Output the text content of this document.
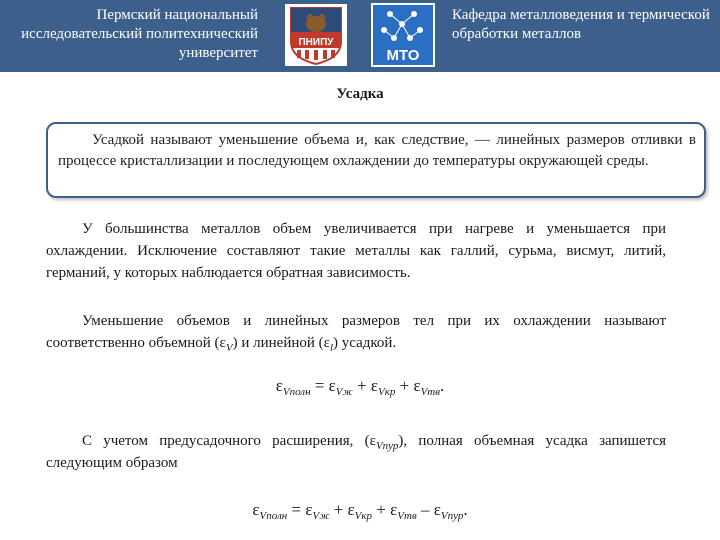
Пермский национальный исследовательский политехнический университет
ПНИПУ
МТО
Кафедра металловедения и термической обработки металлов
Усадка
Усадкой называют уменьшение объема и, как следствие, — линейных размеров отливки в процессе кристаллизации и последующем охлаждении до температуры окружающей среды.
У большинства металлов объем увеличивается при нагреве и уменьшается при охлаждении. Исключение составляют такие металлы как галлий, сурьма, висмут, литий, германий, у которых наблюдается обратная зависимость.
Уменьшение объемов и линейных размеров тел при их охлаждении называют соответственно объемной $(\varepsilon_V)$ и линейной $(\varepsilon_l)$ усадкой.
$\varepsilon_{Vполн} = \varepsilon_{Vж} + \varepsilon_{Vкр} + \varepsilon_{Vтв}$.
С учетом предусадочного расширения, $(\varepsilon_{Vпур})$, полная объемная усадка запишется следующим образом
$\varepsilon_{Vполн} = \varepsilon_{Vж} + \varepsilon_{Vкр} + \varepsilon_{Vтв} - \varepsilon_{Vпур}$.
